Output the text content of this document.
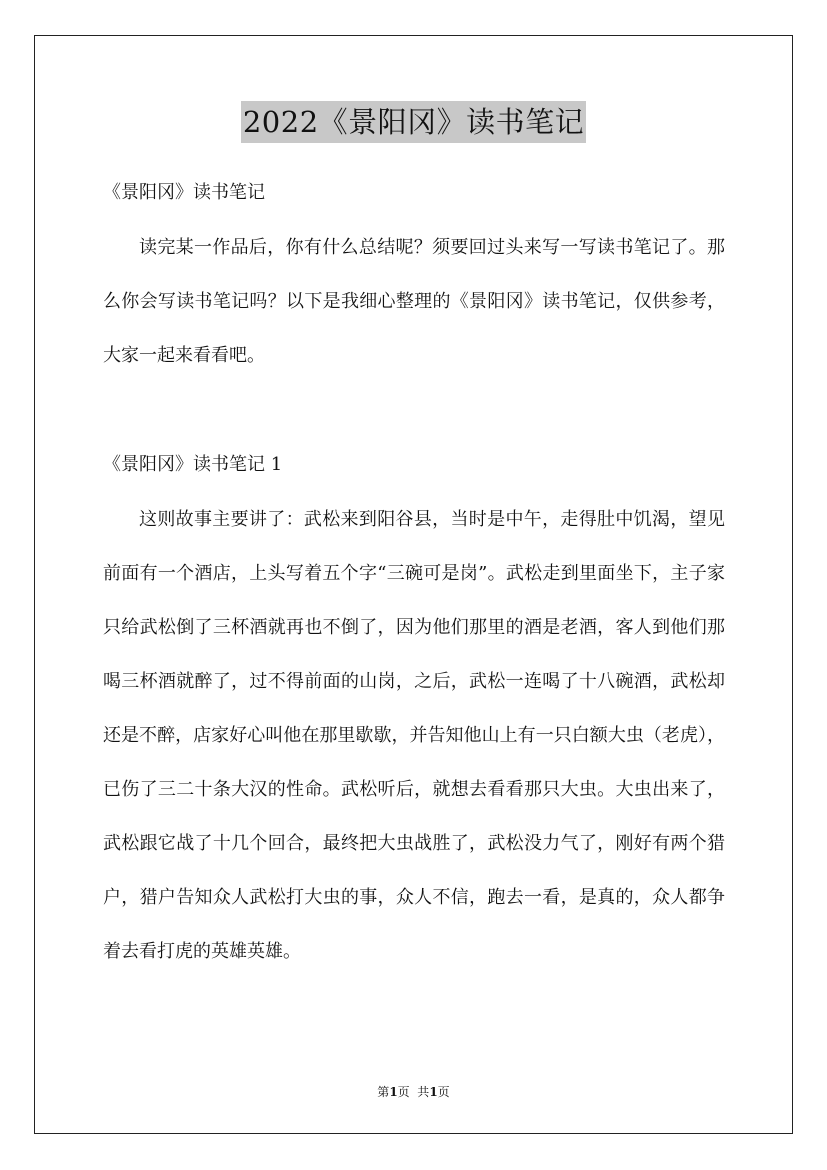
2022《景阳冈》读书笔记
《景阳冈》读书笔记

读完某一作品后，你有什么总结呢？须要回过头来写一写读书笔记了。那么你会写读书笔记吗？以下是我细心整理的《景阳冈》读书笔记，仅供参考，大家一起来看看吧。

《景阳冈》读书笔记 1

这则故事主要讲了：武松来到阳谷县，当时是中午，走得肚中饥渴，望见前面有一个酒店，上头写着五个字“三碗可是岗”。武松走到里面坐下，主子家只给武松倒了三杯酒就再也不倒了，因为他们那里的酒是老酒，客人到他们那喝三杯酒就醉了，过不得前面的山岗，之后，武松一连喝了十八碗酒，武松却还是不醉，店家好心叫他在那里歇歇，并告知他山上有一只白额大虫（老虎），已伤了三二十条大汉的性命。武松听后，就想去看看那只大虫。大虫出来了，武松跟它战了十几个回合，最终把大虫战胜了，武松没力气了，刚好有两个猎户，猎户告知众人武松打大虫的事，众人不信，跑去一看，是真的，众人都争着去看打虎的英雄英雄。

第1页  共1页
